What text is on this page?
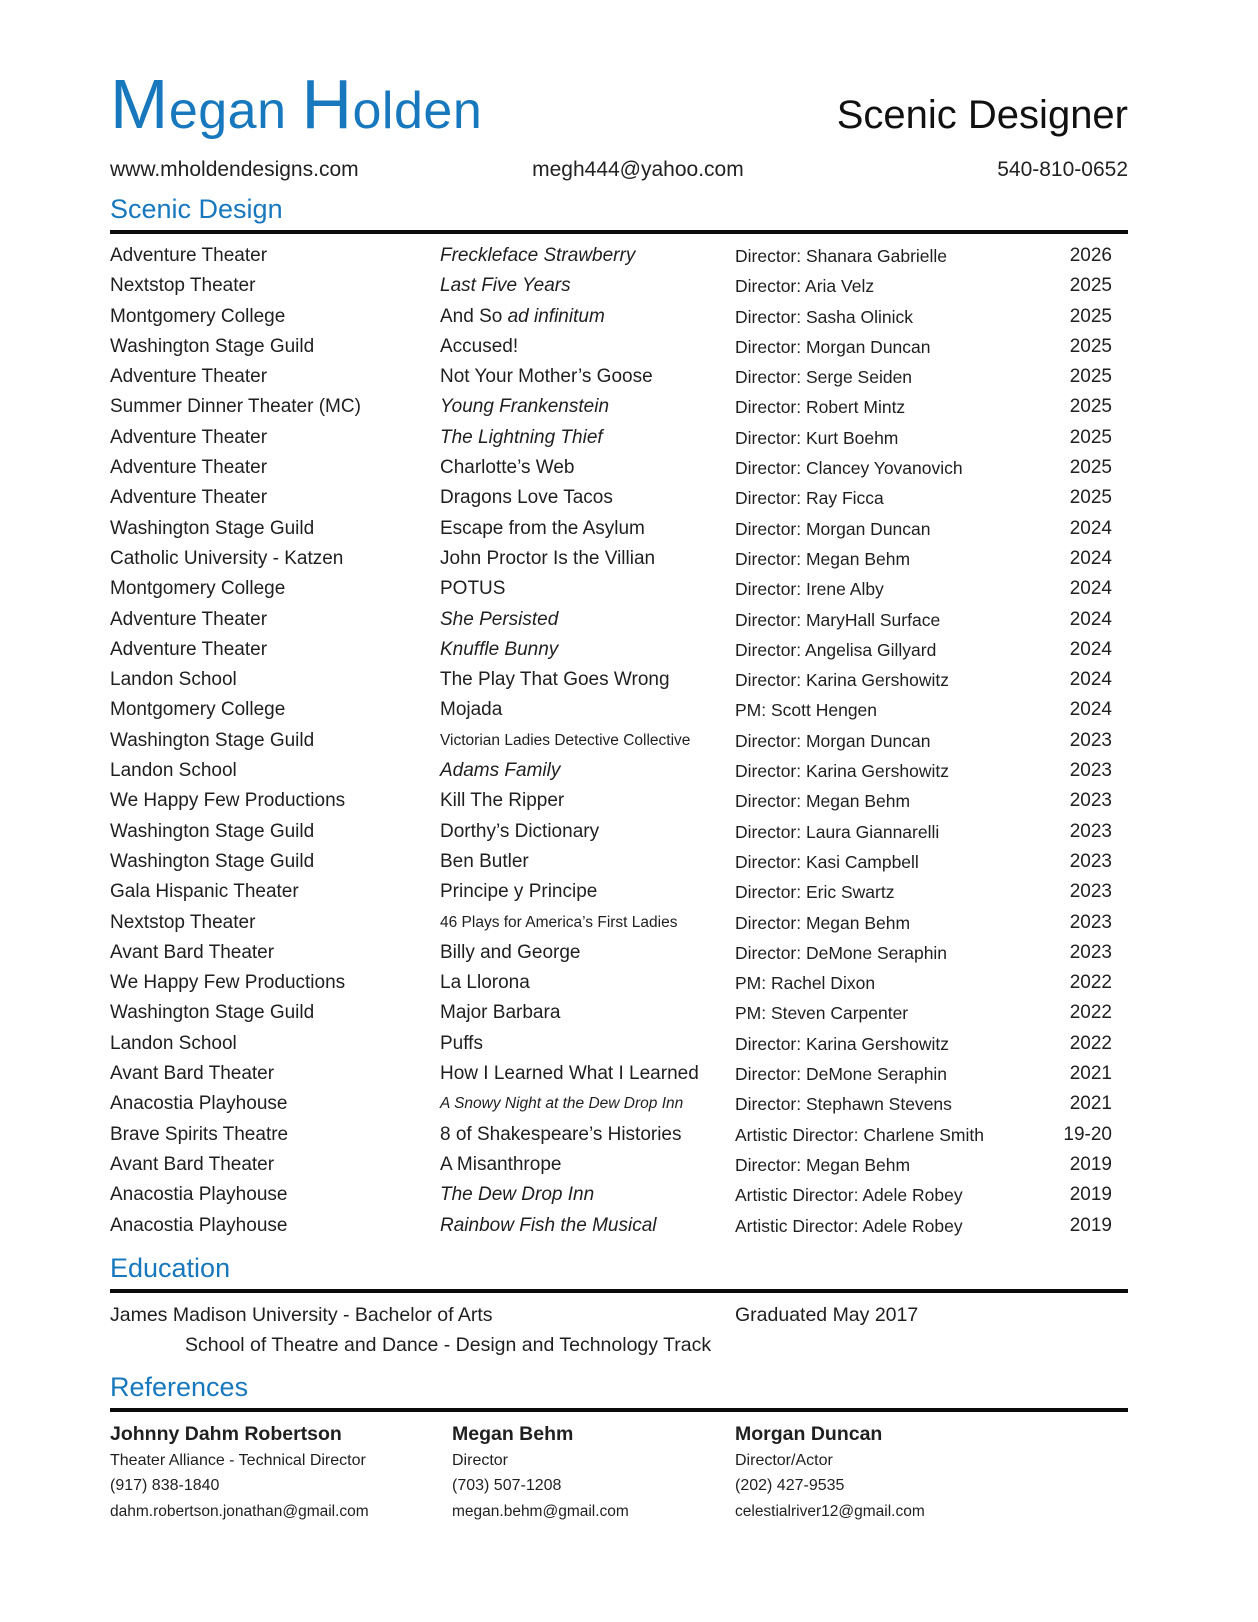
Megan Holden	Scenic Designer
www.mholdendesigns.com	megh444@yahoo.com	540-810-0652
Scenic Design
Adventure Theater	Freckleface Strawberry	Director: Shanara Gabrielle	2026
Nextstop Theater	Last Five Years	Director: Aria Velz	2025
Montgomery College	And So ad infinitum	Director: Sasha Olinick	2025
Washington Stage Guild	Accused!	Director: Morgan Duncan	2025
Adventure Theater	Not Your Mother’s Goose	Director: Serge Seiden	2025
Summer Dinner Theater (MC)	Young Frankenstein	Director: Robert Mintz	2025
Adventure Theater	The Lightning Thief	Director: Kurt Boehm	2025
Adventure Theater	Charlotte’s Web	Director: Clancey Yovanovich	2025
Adventure Theater	Dragons Love Tacos	Director: Ray Ficca	2025
Washington Stage Guild	Escape from the Asylum	Director: Morgan Duncan	2024
Catholic University - Katzen	John Proctor Is the Villian	Director: Megan Behm	2024
Montgomery College	POTUS	Director: Irene Alby	2024
Adventure Theater	She Persisted	Director: MaryHall Surface	2024
Adventure Theater	Knuffle Bunny	Director: Angelisa Gillyard	2024
Landon School	The Play That Goes Wrong	Director: Karina Gershowitz	2024
Montgomery College	Mojada	PM: Scott Hengen	2024
Washington Stage Guild	Victorian Ladies Detective Collective	Director: Morgan Duncan	2023
Landon School	Adams Family	Director: Karina Gershowitz	2023
We Happy Few Productions	Kill The Ripper	Director: Megan Behm	2023
Washington Stage Guild	Dorthy’s Dictionary	Director: Laura Giannarelli	2023
Washington Stage Guild	Ben Butler	Director: Kasi Campbell	2023
Gala Hispanic Theater	Principe y Principe	Director: Eric Swartz	2023
Nextstop Theater	46 Plays for America’s First Ladies	Director: Megan Behm	2023
Avant Bard Theater	Billy and George	Director: DeMone Seraphin	2023
We Happy Few Productions	La Llorona	PM: Rachel Dixon	2022
Washington Stage Guild	Major Barbara	PM: Steven Carpenter	2022
Landon School	Puffs	Director: Karina Gershowitz	2022
Avant Bard Theater	How I Learned What I Learned	Director: DeMone Seraphin	2021
Anacostia Playhouse	A Snowy Night at the Dew Drop Inn	Director: Stephawn Stevens	2021
Brave Spirits Theatre	8 of Shakespeare’s Histories	Artistic Director: Charlene Smith	19-20
Avant Bard Theater	A Misanthrope	Director: Megan Behm	2019
Anacostia Playhouse	The Dew Drop Inn	Artistic Director: Adele Robey	2019
Anacostia Playhouse	Rainbow Fish the Musical	Artistic Director: Adele Robey	2019
Education
James Madison University - Bachelor of Arts	Graduated May 2017
School of Theatre and Dance - Design and Technology Track
References
Johnny Dahm Robertson
Theater Alliance - Technical Director
(917) 838-1840
dahm.robertson.jonathan@gmail.com
Megan Behm
Director
(703) 507-1208
megan.behm@gmail.com
Morgan Duncan
Director/Actor
(202) 427-9535
celestialriver12@gmail.com
